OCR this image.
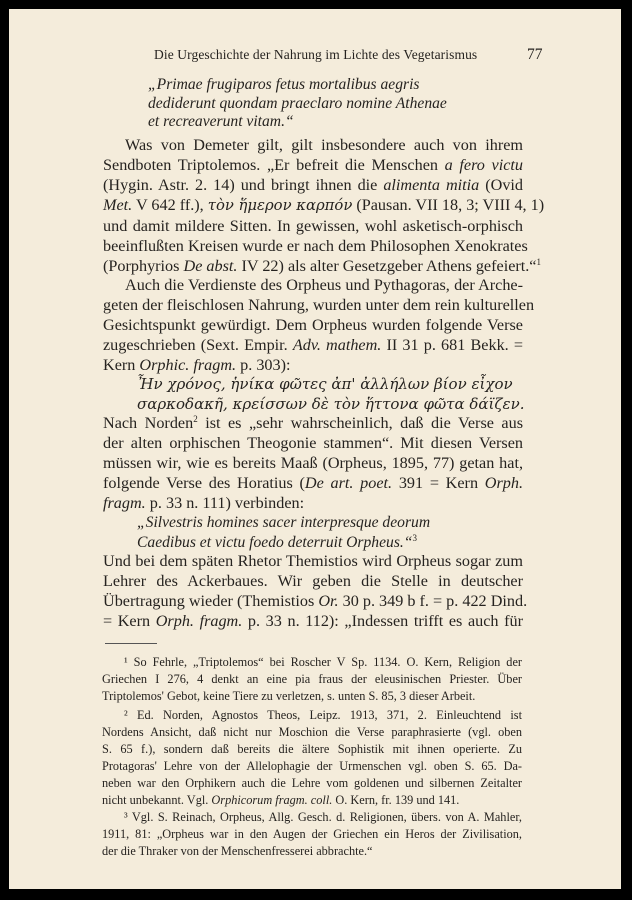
Die Urgeschichte der Nahrung im Lichte des Vegetarismus	77
„Primae frugiparos fetus mortalibus aegris
dediderunt quondam praeclaro nomine Athenae
et recreaverunt vitam.“
Was von Demeter gilt, gilt insbesondere auch von ihrem
Sendboten Triptolemos. „Er befreit die Menschen a fero victu
(Hygin. Astr. 2. 14) und bringt ihnen die alimenta mitia (Ovid
Met. V 642 ff.), τὸν ἥμερον καρπόν (Pausan. VII 18, 3; VIII 4, 1)
und damit mildere Sitten. In gewissen, wohl asketisch-orphisch
beeinflußten Kreisen wurde er nach dem Philosophen Xenokrates
(Porphyrios De abst. IV 22) als alter Gesetzgeber Athens gefeiert.“$^1$
Auch die Verdienste des Orpheus und Pythagoras, der Arche-
geten der fleischlosen Nahrung, wurden unter dem rein kulturellen
Gesichtspunkt gewürdigt. Dem Orpheus wurden folgende Verse
zugeschrieben (Sext. Empir. Adv. mathem. II 31 p. 681 Bekk. =
Kern Orphic. fragm. p. 303):
Ἦν χρόνος, ἡνίκα φῶτες ἀπ' ἀλλήλων βίον εἶχον
σαρκοδακῆ, κρείσσων δὲ τὸν ἥττονα φῶτα δάϊζεν.
Nach Norden$^2$ ist es „sehr wahrscheinlich, daß die Verse aus
der alten orphischen Theogonie stammen“. Mit diesen Versen
müssen wir, wie es bereits Maaß (Orpheus, 1895, 77) getan hat,
folgende Verse des Horatius (De art. poet. 391 = Kern Orph.
fragm. p. 33 n. 111) verbinden:
„Silvestris homines sacer interpresque deorum
Caedibus et victu foedo deterruit Orpheus.“$^3$
Und bei dem späten Rhetor Themistios wird Orpheus sogar zum
Lehrer des Ackerbaues. Wir geben die Stelle in deutscher
Übertragung wieder (Themistios Or. 30 p. 349 b f. = p. 422 Dind.
= Kern Orph. fragm. p. 33 n. 112): „Indessen trifft es auch für
¹ So Fehrle, „Triptolemos“ bei Roscher V Sp. 1134. O. Kern, Religion der
Griechen I 276, 4 denkt an eine pia fraus der eleusinischen Priester. Über
Triptolemos' Gebot, keine Tiere zu verletzen, s. unten S. 85, 3 dieser Arbeit.
² Ed. Norden, Agnostos Theos, Leipz. 1913, 371, 2. Einleuchtend ist
Nordens Ansicht, daß nicht nur Moschion die Verse paraphrasierte (vgl. oben
S. 65 f.), sondern daß bereits die ältere Sophistik mit ihnen operierte. Zu
Protagoras' Lehre von der Allelophagie der Urmenschen vgl. oben S. 65. Da-
neben war den Orphikern auch die Lehre vom goldenen und silbernen Zeitalter
nicht unbekannt. Vgl. Orphicorum fragm. coll. O. Kern, fr. 139 und 141.
³ Vgl. S. Reinach, Orpheus, Allg. Gesch. d. Religionen, übers. von A. Mahler,
1911, 81: „Orpheus war in den Augen der Griechen ein Heros der Zivilisation,
der die Thraker von der Menschenfresserei abbrachte.“
